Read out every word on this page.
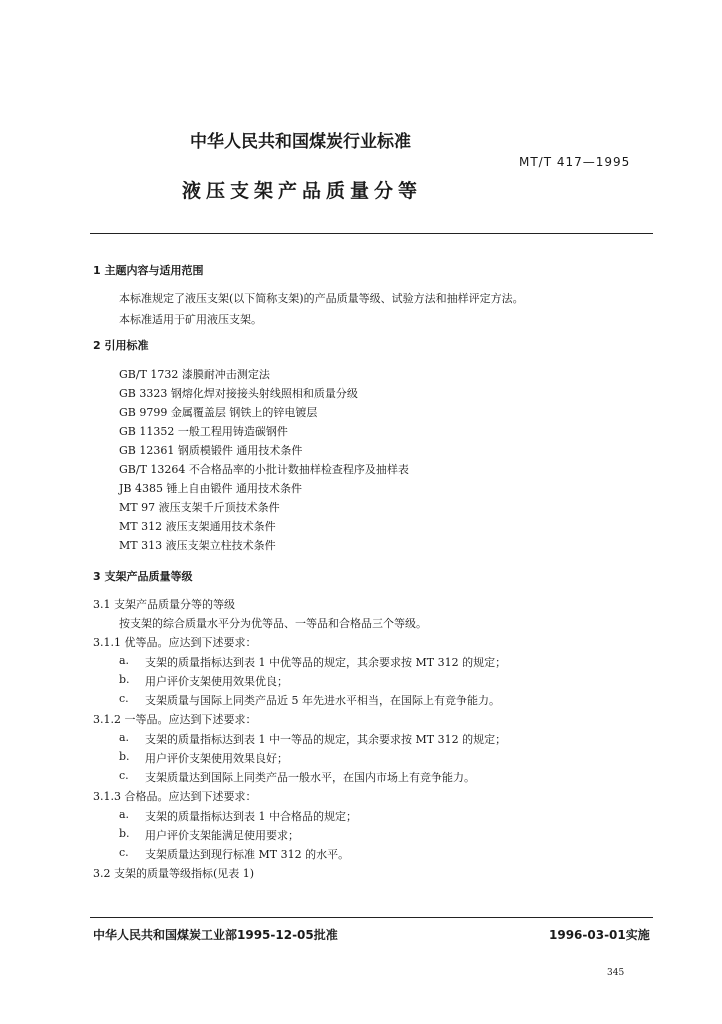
中华人民共和国煤炭行业标准
MT/T 417—1995
液压支架产品质量分等
1 主题内容与适用范围
本标准规定了液压支架(以下简称支架)的产品质量等级、试验方法和抽样评定方法。
本标准适用于矿用液压支架。
2 引用标准
GB/T 1732 漆膜耐冲击测定法
GB 3323 钢熔化焊对接接头射线照相和质量分级
GB 9799 金属覆盖层 钢铁上的锌电镀层
GB 11352 一般工程用铸造碳钢件
GB 12361 钢质模锻件 通用技术条件
GB/T 13264 不合格品率的小批计数抽样检查程序及抽样表
JB 4385 锤上自由锻件 通用技术条件
MT 97 液压支架千斤顶技术条件
MT 312 液压支架通用技术条件
MT 313 液压支架立柱技术条件
3 支架产品质量等级
3.1 支架产品质量分等的等级
按支架的综合质量水平分为优等品、一等品和合格品三个等级。
3.1.1 优等品。应达到下述要求：
a. 支架的质量指标达到表 1 中优等品的规定，其余要求按 MT 312 的规定；
b. 用户评价支架使用效果优良；
c. 支架质量与国际上同类产品近 5 年先进水平相当，在国际上有竞争能力。
3.1.2 一等品。应达到下述要求：
a. 支架的质量指标达到表 1 中一等品的规定，其余要求按 MT 312 的规定；
b. 用户评价支架使用效果良好；
c. 支架质量达到国际上同类产品一般水平，在国内市场上有竞争能力。
3.1.3 合格品。应达到下述要求：
a. 支架的质量指标达到表 1 中合格品的规定；
b. 用户评价支架能满足使用要求；
c. 支架质量达到现行标准 MT 312 的水平。
3.2 支架的质量等级指标(见表 1)
中华人民共和国煤炭工业部1995-12-05批准	1996-03-01实施
345
